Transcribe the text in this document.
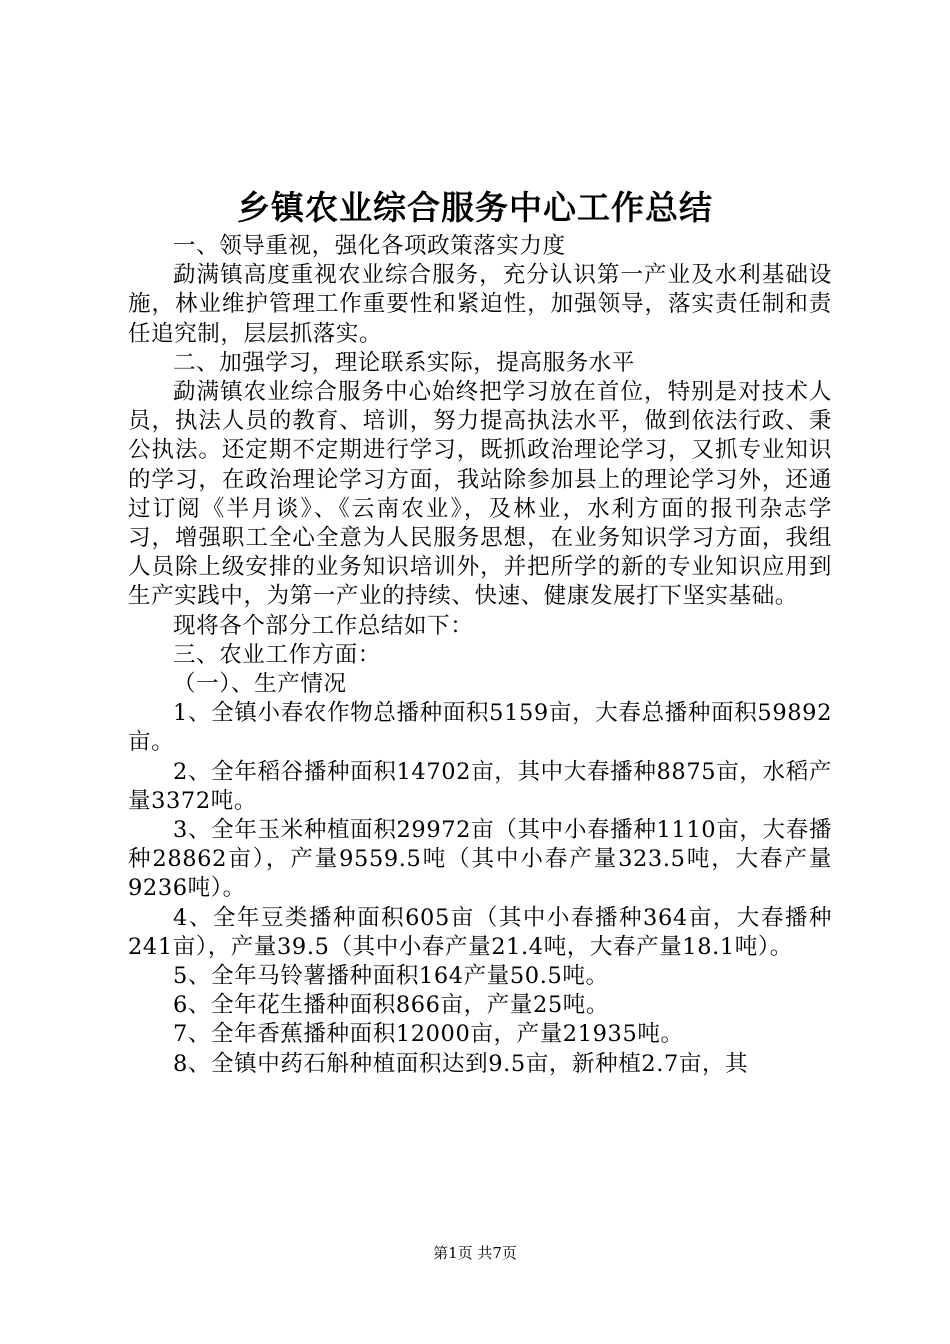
乡镇农业综合服务中心工作总结

一、领导重视，强化各项政策落实力度

勐满镇高度重视农业综合服务，充分认识第一产业及水利基础设施，林业维护管理工作重要性和紧迫性，加强领导，落实责任制和责任追究制，层层抓落实。

二、加强学习，理论联系实际，提高服务水平

勐满镇农业综合服务中心始终把学习放在首位，特别是对技术人员，执法人员的教育、培训，努力提高执法水平，做到依法行政、秉公执法。还定期不定期进行学习，既抓政治理论学习，又抓专业知识的学习，在政治理论学习方面，我站除参加县上的理论学习外，还通过订阅《半月谈》、《云南农业》，及林业，水利方面的报刊杂志学习，增强职工全心全意为人民服务思想，在业务知识学习方面，我组人员除上级安排的业务知识培训外，并把所学的新的专业知识应用到生产实践中，为第一产业的持续、快速、健康发展打下坚实基础。

现将各个部分工作总结如下：

三、农业工作方面：

（一）、生产情况

1、全镇小春农作物总播种面积5159亩，大春总播种面积59892亩。

2、全年稻谷播种面积14702亩，其中大春播种8875亩，水稻产量3372吨。

3、全年玉米种植面积29972亩（其中小春播种1110亩，大春播种28862亩），产量9559.5吨（其中小春产量323.5吨，大春产量9236吨）。

4、全年豆类播种面积605亩（其中小春播种364亩，大春播种241亩），产量39.5（其中小春产量21.4吨，大春产量18.1吨）。

5、全年马铃薯播种面积164产量50.5吨。

6、全年花生播种面积866亩，产量25吨。

7、全年香蕉播种面积12000亩，产量21935吨。

8、全镇中药石斛种植面积达到9.5亩，新种植2.7亩，其

第1页 共7页
